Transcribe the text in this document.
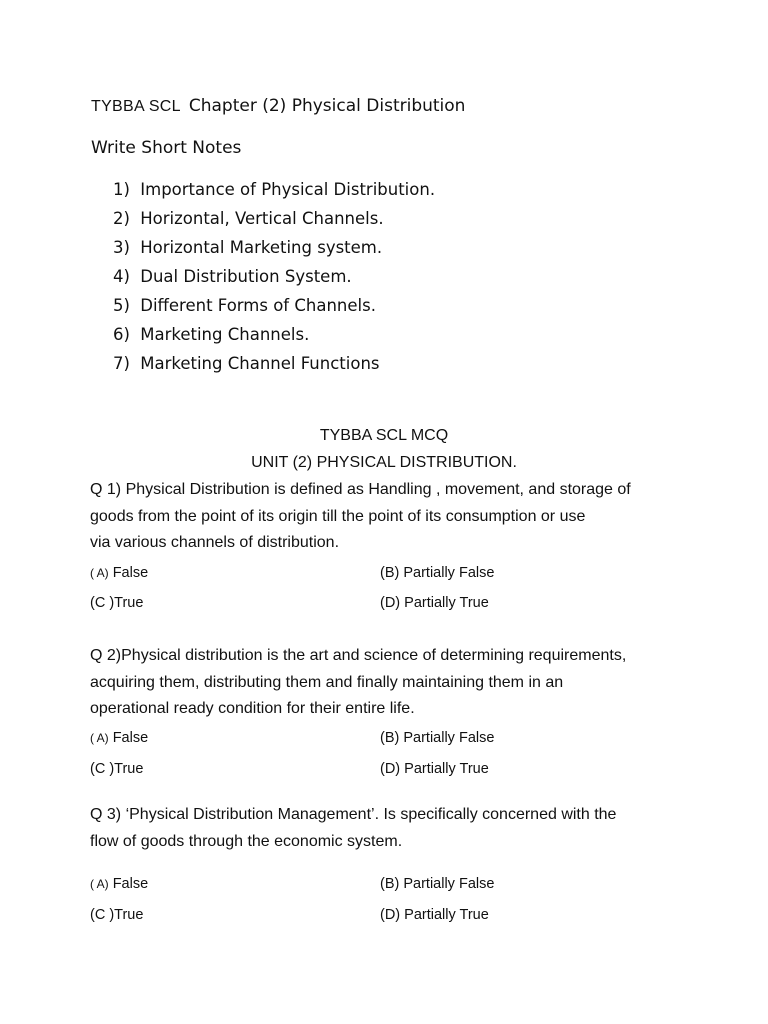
TYBBA SCL Chapter (2) Physical Distribution
Write Short Notes
1) Importance of Physical Distribution.
2) Horizontal, Vertical Channels.
3) Horizontal Marketing system.
4) Dual Distribution System.
5) Different Forms of Channels.
6) Marketing Channels.
7) Marketing Channel Functions
TYBBA SCL MCQ
UNIT (2) PHYSICAL DISTRIBUTION.
Q 1) Physical Distribution is defined as Handling , movement, and storage of
goods from the point of its origin till the point of its consumption or use
via various channels of distribution.
( A) False	(B) Partially False
(C )True	(D) Partially True
Q 2)Physical distribution is the art and science of determining requirements,
acquiring them, distributing them and finally maintaining them in an
operational ready condition for their entire life.
( A) False	(B) Partially False
(C )True	(D) Partially True
Q 3) ‘Physical Distribution Management’. Is specifically concerned with the
flow of goods through the economic system.
( A) False	(B) Partially False
(C )True	(D) Partially True
